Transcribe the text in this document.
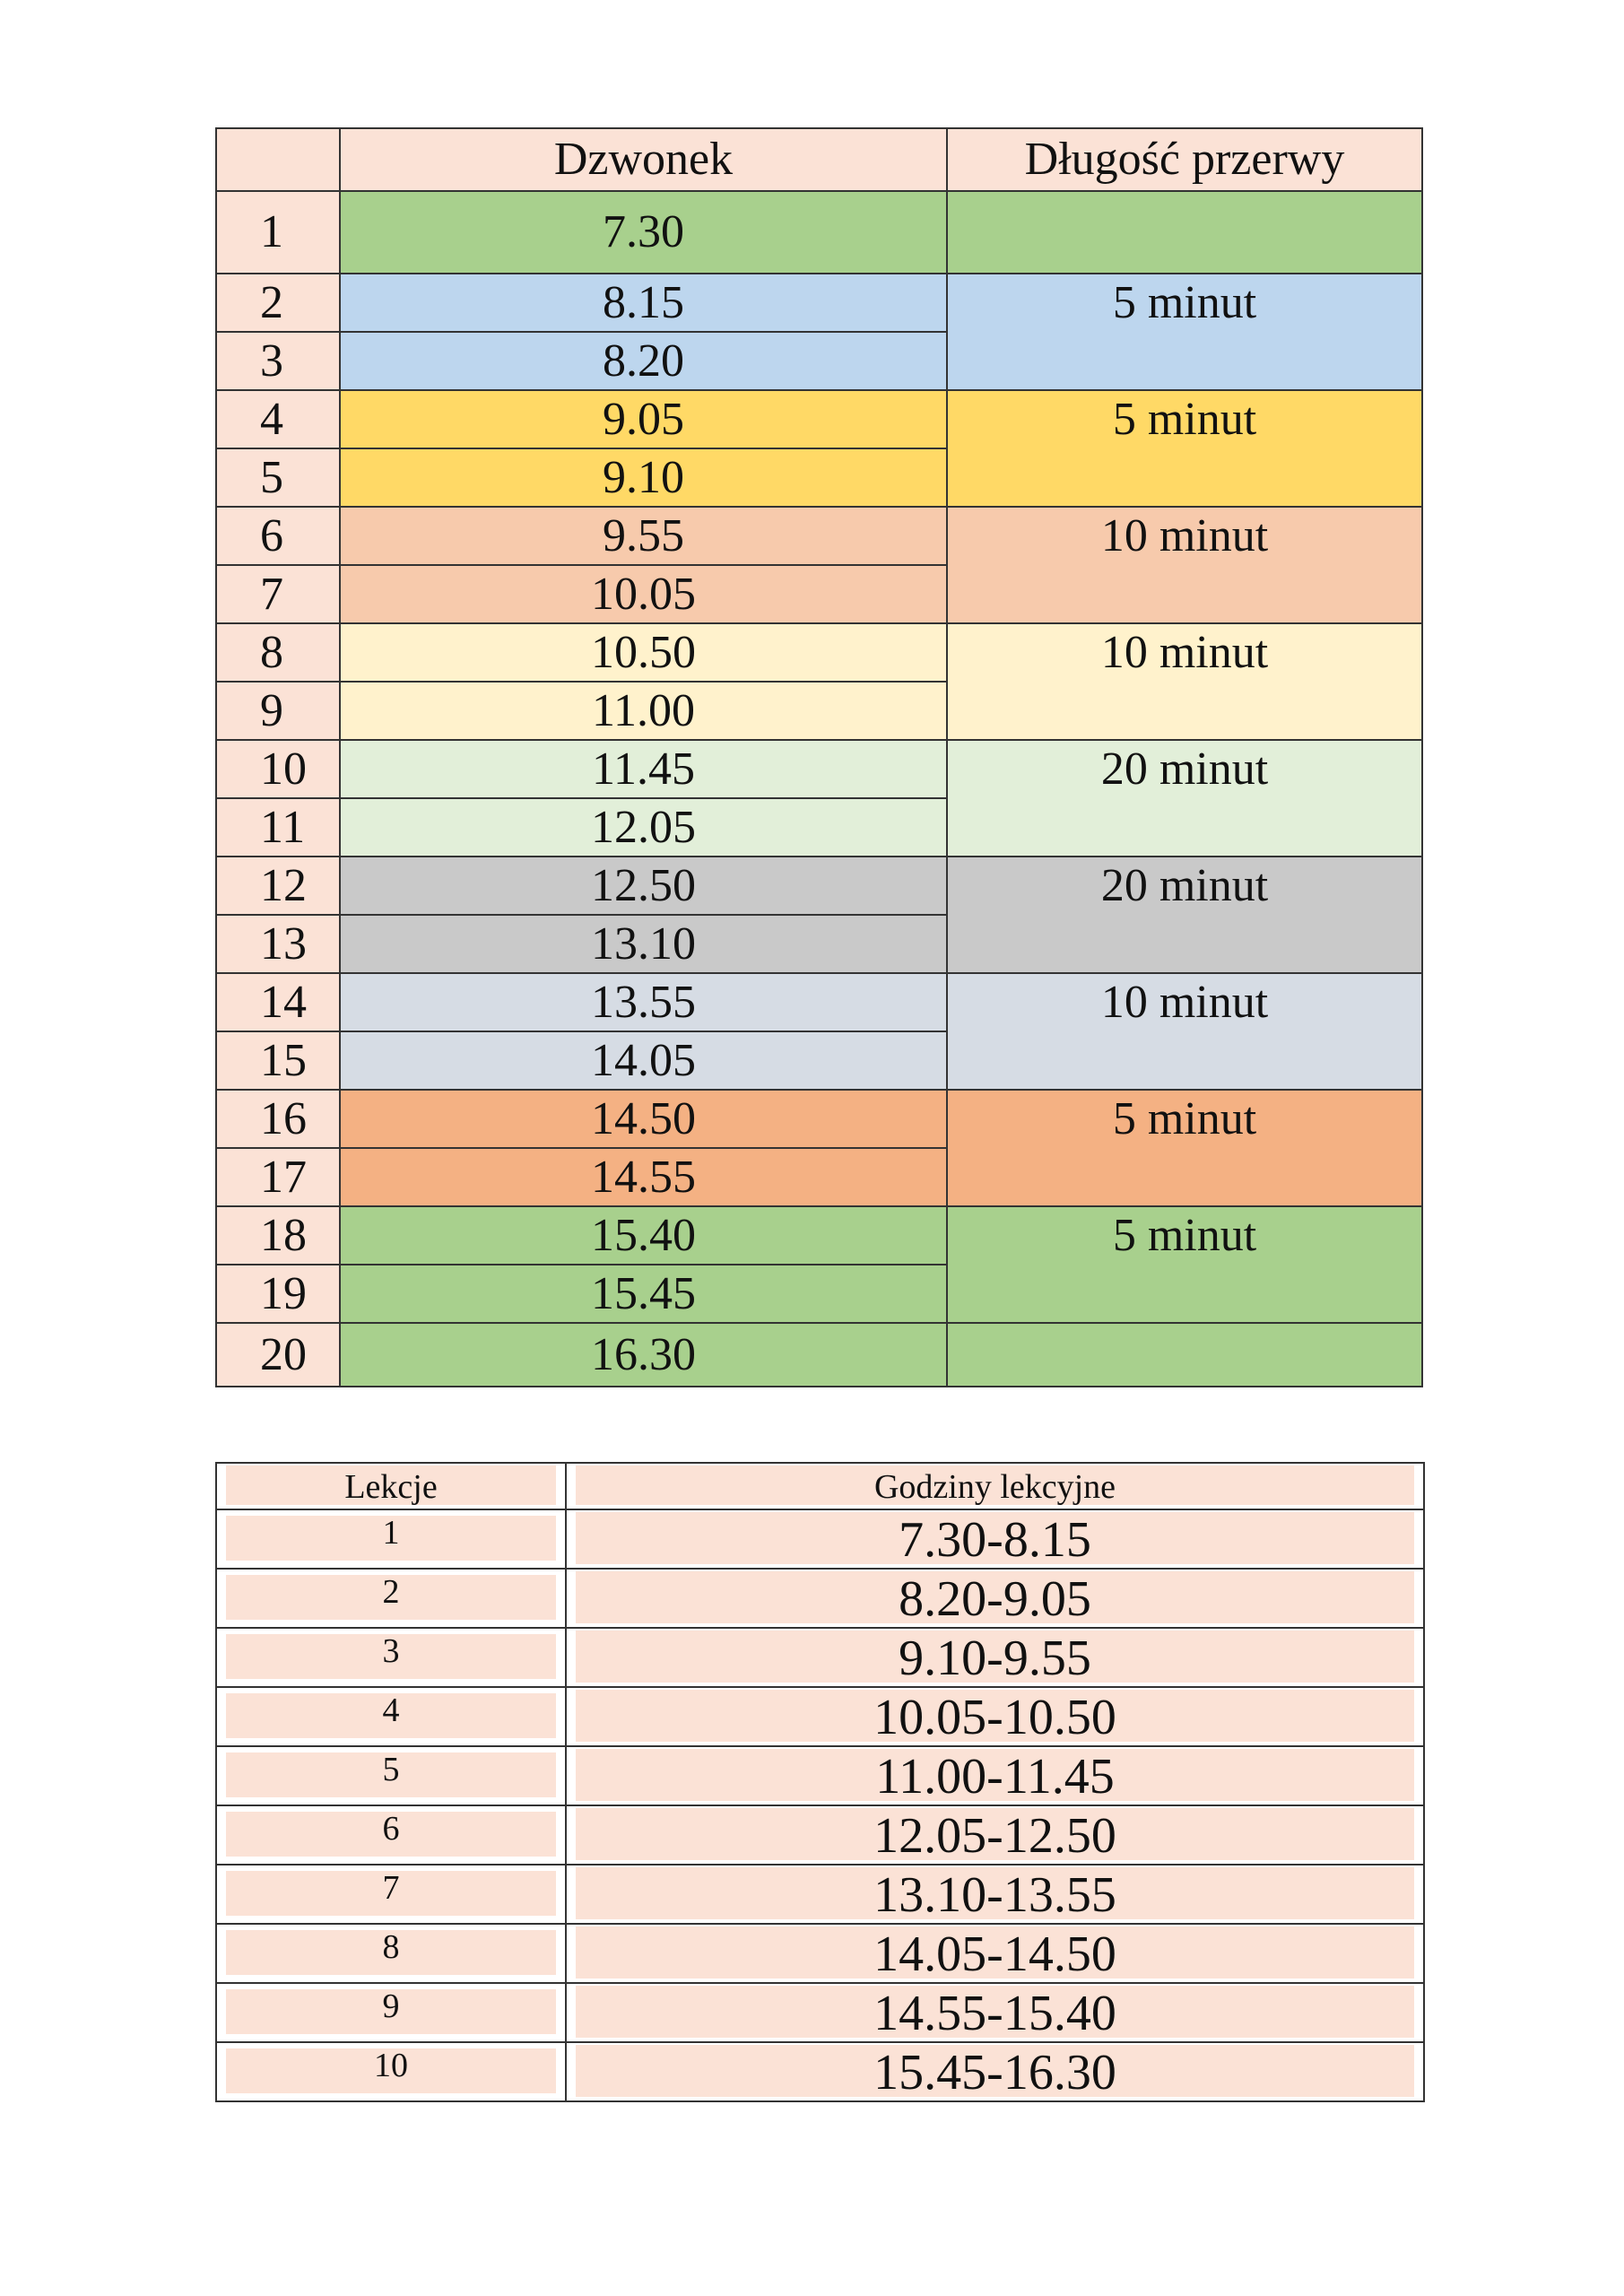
	Dzwonek	Długość przerwy
1	7.30	
2	8.15	5 minut
3	8.20	
4	9.05	5 minut
5	9.10	
6	9.55	10 minut
7	10.05	
8	10.50	10 minut
9	11.00	
10	11.45	20 minut
11	12.05	
12	12.50	20 minut
13	13.10	
14	13.55	10 minut
15	14.05	
16	14.50	5 minut
17	14.55	
18	15.40	5 minut
19	15.45	
20	16.30	
Lekcje	Godziny lekcyjne

1	7.30-8.15

2	8.20-9.05

3	9.10-9.55

4	10.05-10.50

5	11.00-11.45

6	12.05-12.50

7	13.10-13.55

8	14.05-14.50

9	14.55-15.40

10	15.45-16.30
